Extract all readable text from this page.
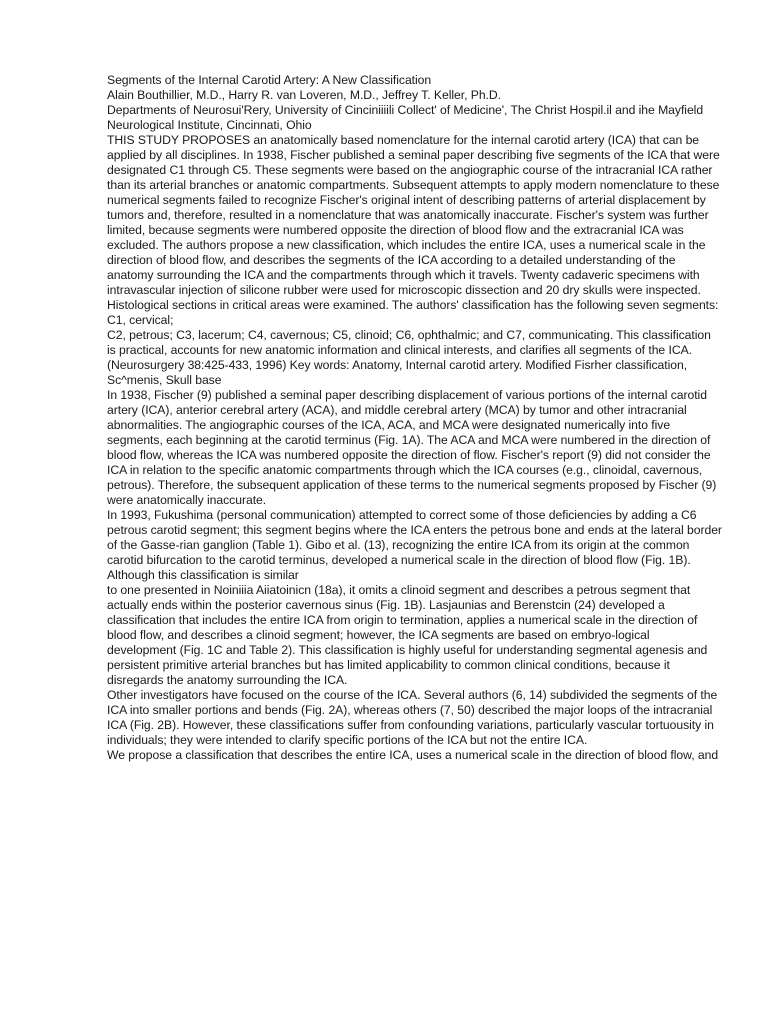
Segments of the Internal Carotid Artery: A New Classification

Alain Bouthillier, M.D., Harry R. van Loveren, M.D., Jeffrey T. Keller, Ph.D.

Departments of Neurosui'Rery, University of Cinciniiiili Collect' of Medicine', The Christ Hospil.il and ihe Mayfield Neurological Institute, Cincinnati, Ohio

THIS STUDY PROPOSES an anatomically based nomenclature for the internal carotid artery (ICA) that can be applied by all disciplines. In 1938, Fischer published a seminal paper describing five segments of the ICA that were designated C1 through C5. These segments were based on the angiographic course of the intracranial ICA rather than its arterial branches or anatomic compartments. Subsequent attempts to apply modern nomenclature to these numerical segments failed to recognize Fischer's original intent of describing patterns of arterial displacement by tumors and, therefore, resulted in a nomenclature that was anatomically inaccurate. Fischer's system was further limited, because segments were numbered opposite the direction of blood flow and the extracranial ICA was excluded. The authors propose a new classification, which includes the entire ICA, uses a numerical scale in the direction of blood flow, and describes the segments of the ICA according to a detailed understanding of the anatomy surrounding the ICA and the compartments through which it travels. Twenty cadaveric specimens with intravascular injection of silicone rubber were used for microscopic dissection and 20 dry skulls were inspected. Histological sections in critical areas were examined. The authors' classification has the following seven segments: C1, cervical;

C2, petrous; C3, lacerum; C4, cavernous; C5, clinoid; C6, ophthalmic; and C7, communicating. This classification is practical, accounts for new anatomic information and clinical interests, and clarifies all segments of the ICA. (Neurosurgery 38:425-433, 1996) Key words: Anatomy, Internal carotid artery. Modified Fisrher classification, Sc^menis, Skull base

In 1938, Fischer (9) published a seminal paper describing displacement of various portions of the internal carotid artery (ICA), anterior cerebral artery (ACA), and middle cerebral artery (MCA) by tumor and other intracranial abnormalities. The angiographic courses of the ICA, ACA, and MCA were designated numerically into five segments, each beginning at the carotid terminus (Fig. 1A). The ACA and MCA were numbered in the direction of blood flow, whereas the ICA was numbered opposite the direction of flow. Fischer's report (9) did not consider the ICA in relation to the specific anatomic compartments through which the ICA courses (e.g., clinoidal, cavernous, petrous). Therefore, the subsequent application of these terms to the numerical segments proposed by Fischer (9) were anatomically inaccurate.

In 1993, Fukushima (personal communication) attempted to correct some of those deficiencies by adding a C6 petrous carotid segment; this segment begins where the ICA enters the petrous bone and ends at the lateral border of the Gasse-rian ganglion (Table 1). Gibo et al. (13), recognizing the entire ICA from its origin at the common carotid bifurcation to the carotid terminus, developed a numerical scale in the direction of blood flow (Fig. 1B). Although this classification is similar

to one presented in Noiniiia Aiiatoinicn (18a), it omits a clinoid segment and describes a petrous segment that actually ends within the posterior cavernous sinus (Fig. 1B). Lasjaunias and Berenstcin (24) developed a classification that includes the entire ICA from origin to termination, applies a numerical scale in the direction of blood flow, and describes a clinoid segment; however, the ICA segments are based on embryo-logical development (Fig. 1C and Table 2). This classification is highly useful for understanding segmental agenesis and persistent primitive arterial branches but has limited applicability to common clinical conditions, because it disregards the anatomy surrounding the ICA.

Other investigators have focused on the course of the ICA. Several authors (6, 14) subdivided the segments of the ICA into smaller portions and bends (Fig. 2A), whereas others (7, 50) described the major loops of the intracranial ICA (Fig. 2B). However, these classifications suffer from confounding variations, particularly vascular tortuousity in individuals; they were intended to clarify specific portions of the ICA but not the entire ICA.

We propose a classification that describes the entire ICA, uses a numerical scale in the direction of blood flow, and
